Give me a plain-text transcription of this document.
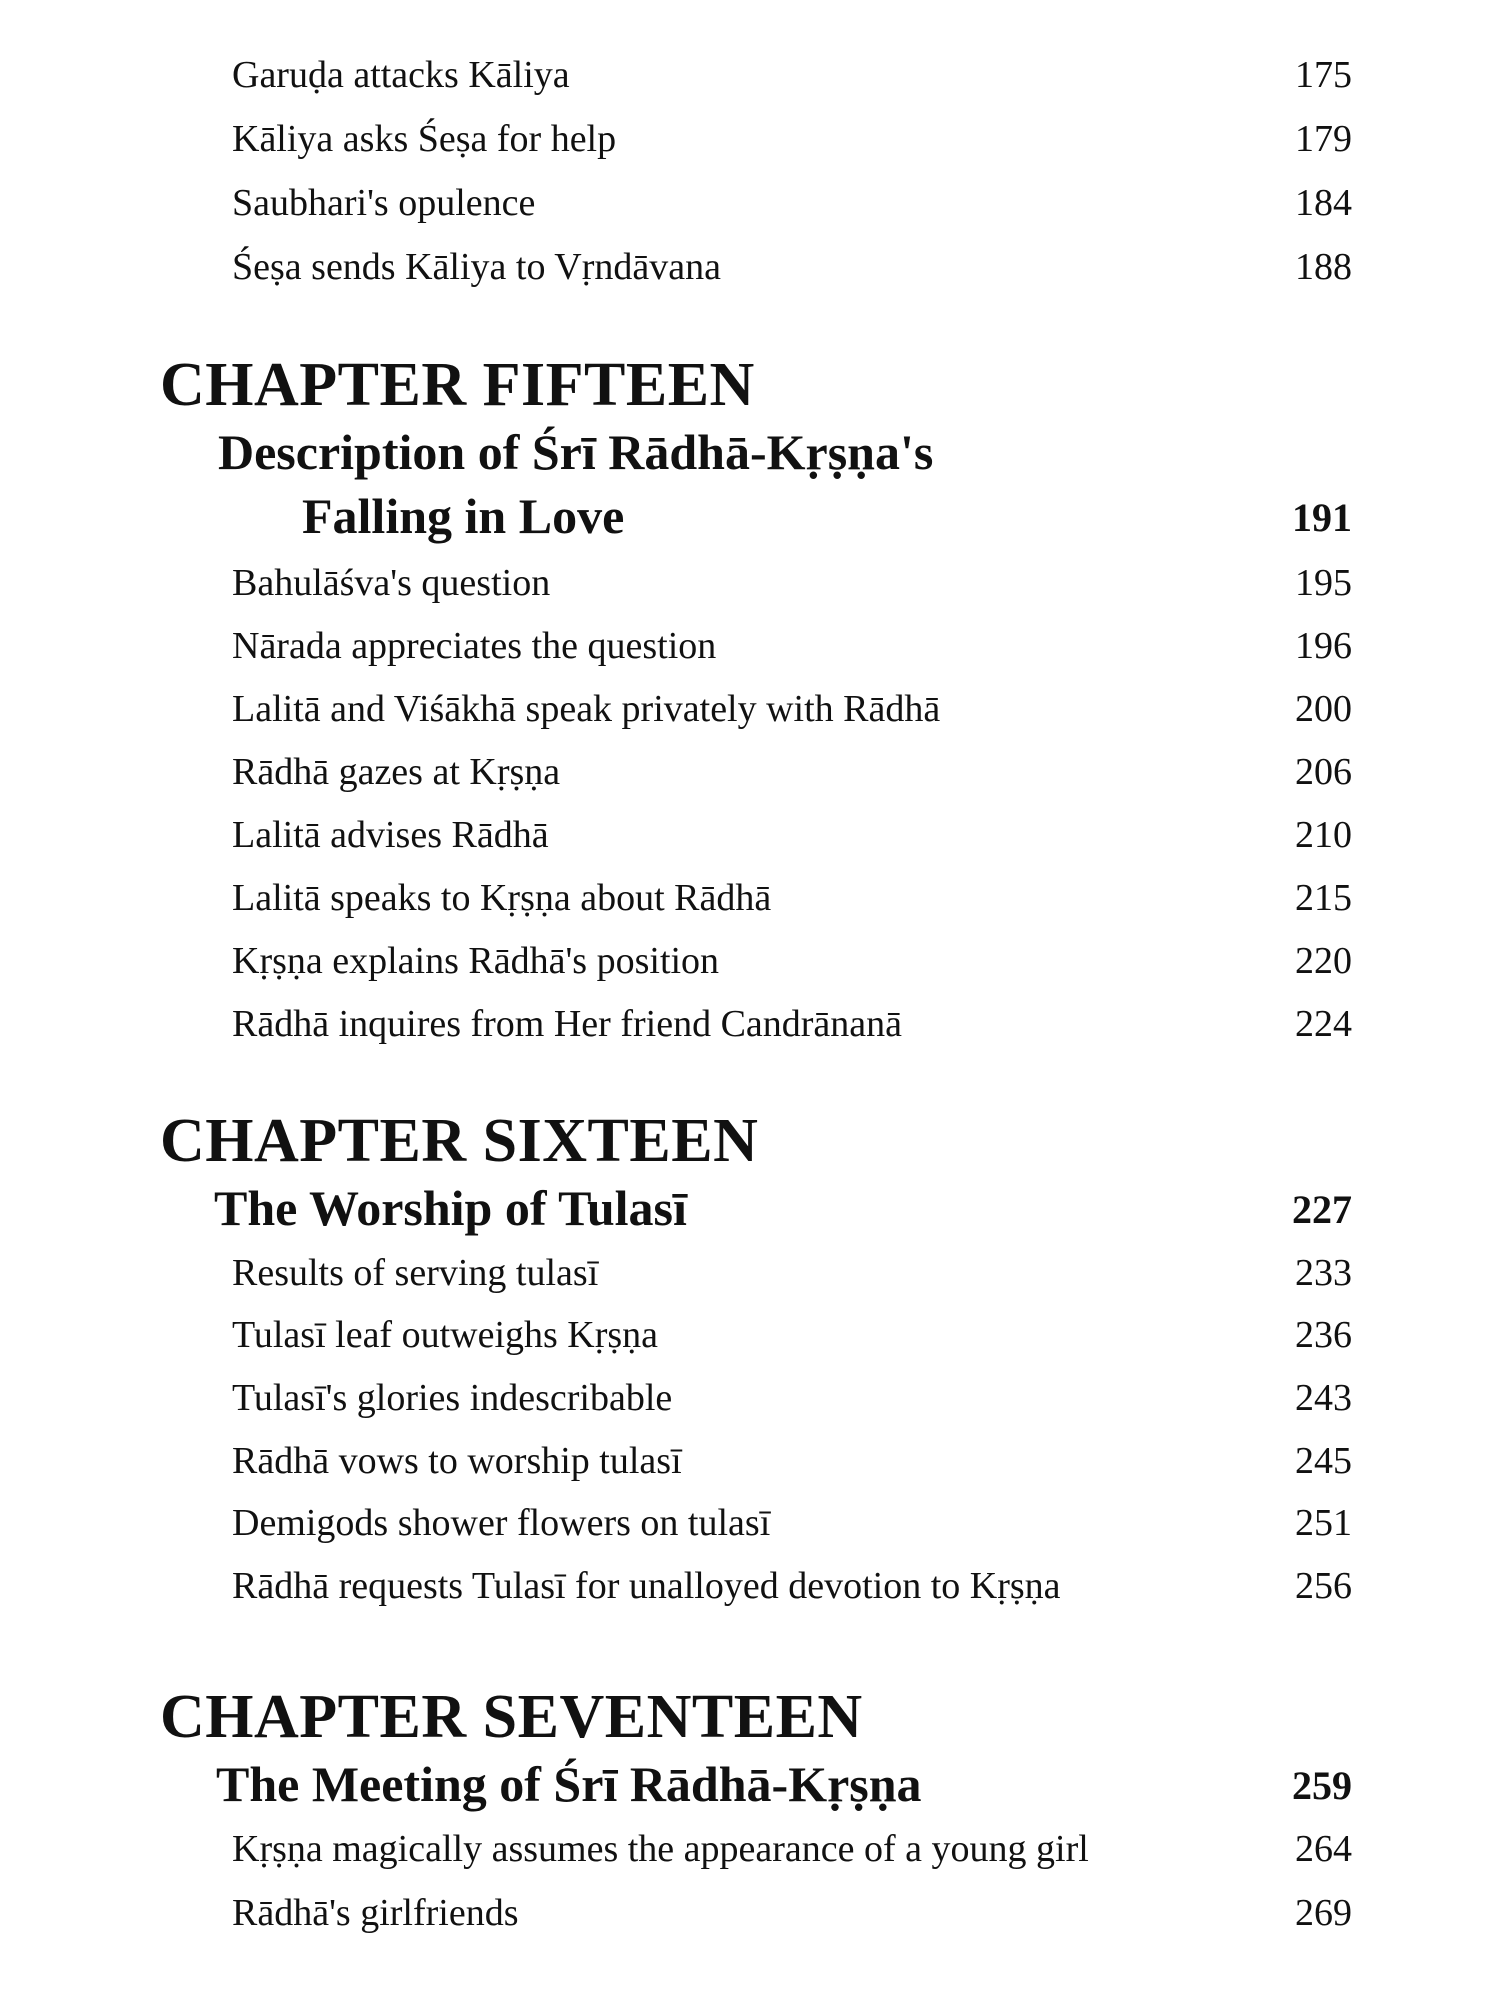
Garuḍa attacks Kāliya	175
Kāliya asks Śeṣa for help	179
Saubhari's opulence	184
Śeṣa sends Kāliya to Vṛndāvana	188
CHAPTER FIFTEEN
Description of Śrī Rādhā-Kṛṣṇa's
Falling in Love	191
Bahulāśva's question	195
Nārada appreciates the question	196
Lalitā and Viśākhā speak privately with Rādhā	200
Rādhā gazes at Kṛṣṇa	206
Lalitā advises Rādhā	210
Lalitā speaks to Kṛṣṇa about Rādhā	215
Kṛṣṇa explains Rādhā's position	220
Rādhā inquires from Her friend Candrānanā	224
CHAPTER SIXTEEN
The Worship of Tulasī	227
Results of serving tulasī	233
Tulasī leaf outweighs Kṛṣṇa	236
Tulasī's glories indescribable	243
Rādhā vows to worship tulasī	245
Demigods shower flowers on tulasī	251
Rādhā requests Tulasī for unalloyed devotion to Kṛṣṇa	256
CHAPTER SEVENTEEN
The Meeting of Śrī Rādhā-Kṛṣṇa	259
Kṛṣṇa magically assumes the appearance of a young girl	264
Rādhā's girlfriends	269
